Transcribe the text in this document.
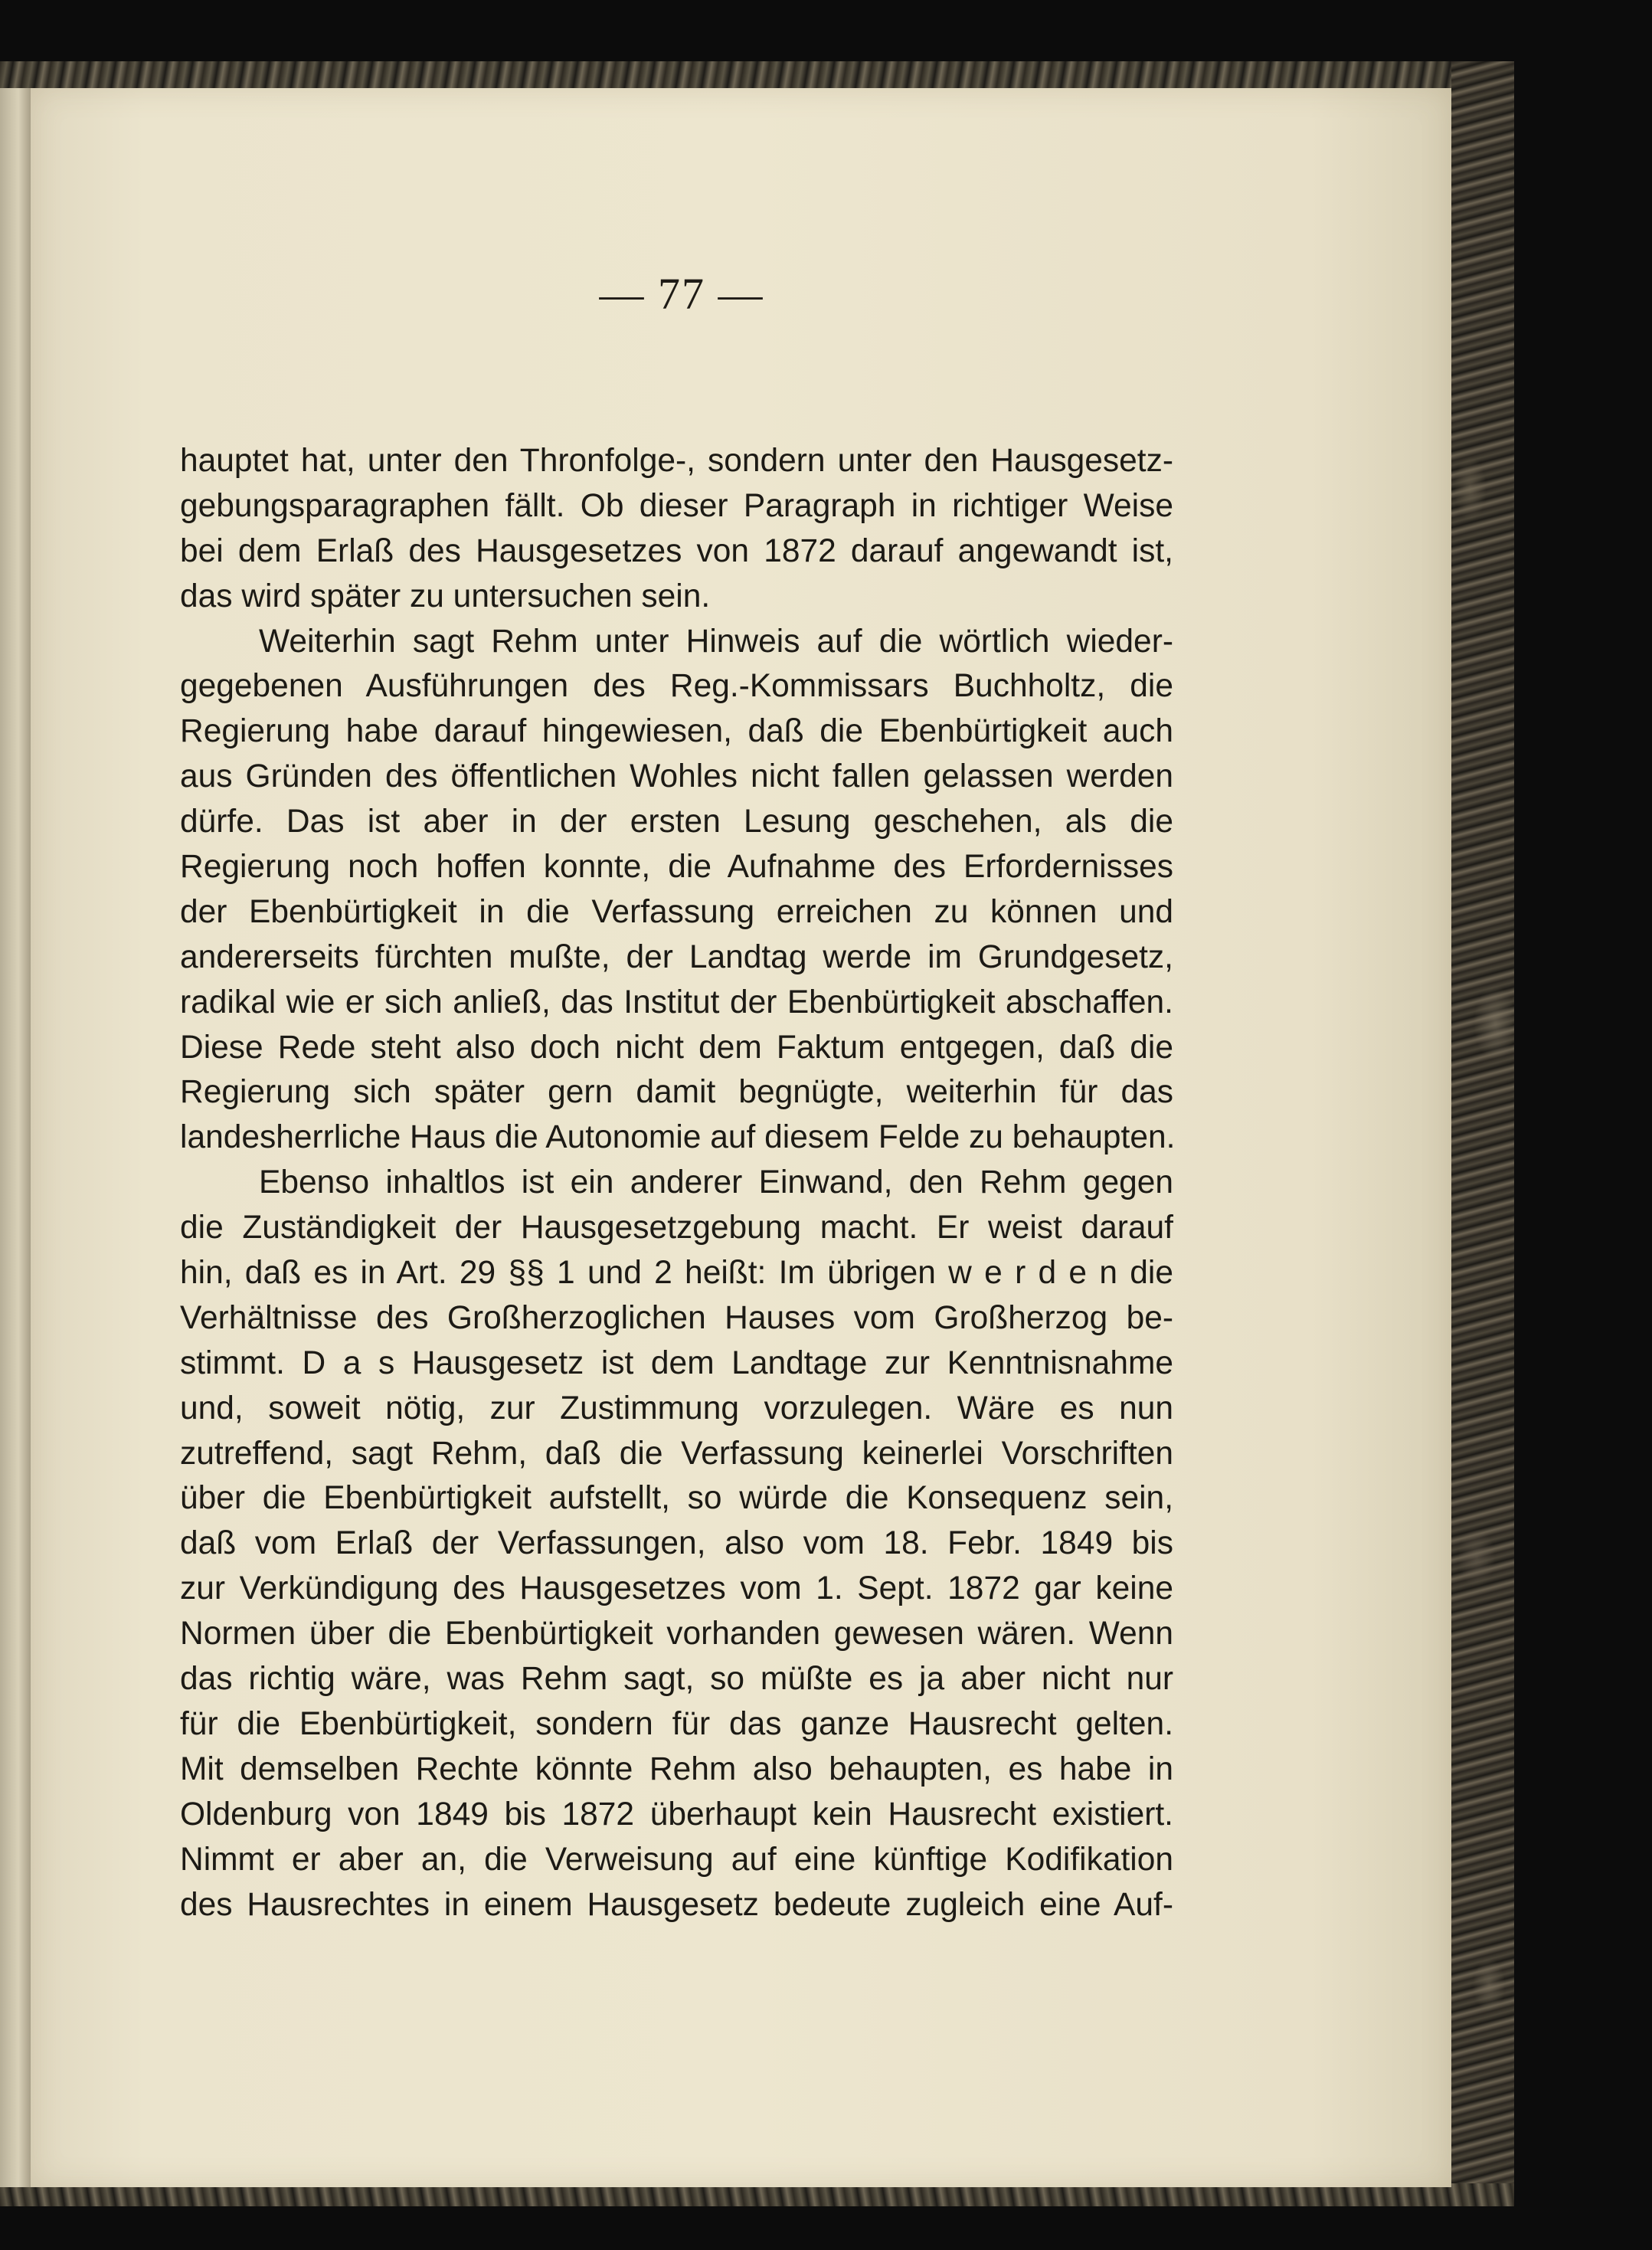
— 77 —
hauptet hat, unter den Thronfolge-, sondern unter den Hausgesetz-
gebungsparagraphen fällt. Ob dieser Paragraph in richtiger Weise
bei dem Erlaß des Hausgesetzes von 1872 darauf angewandt ist,
das wird später zu untersuchen sein.
Weiterhin sagt Rehm unter Hinweis auf die wörtlich wieder-
gegebenen Ausführungen des Reg.-Kommissars Buchholtz, die
Regierung habe darauf hingewiesen, daß die Ebenbürtigkeit auch
aus Gründen des öffentlichen Wohles nicht fallen gelassen werden
dürfe. Das ist aber in der ersten Lesung geschehen, als die
Regierung noch hoffen konnte, die Aufnahme des Erfordernisses
der Ebenbürtigkeit in die Verfassung erreichen zu können und
andererseits fürchten mußte, der Landtag werde im Grundgesetz,
radikal wie er sich anließ, das Institut der Ebenbürtigkeit abschaffen.
Diese Rede steht also doch nicht dem Faktum entgegen, daß die
Regierung sich später gern damit begnügte, weiterhin für das
landesherrliche Haus die Autonomie auf diesem Felde zu behaupten.
Ebenso inhaltlos ist ein anderer Einwand, den Rehm gegen
die Zuständigkeit der Hausgesetzgebung macht. Er weist darauf
hin, daß es in Art. 29 §§ 1 und 2 heißt: Im übrigen w e r d e n die
Verhältnisse des Großherzoglichen Hauses vom Großherzog be-
stimmt. D a s Hausgesetz ist dem Landtage zur Kenntnisnahme
und, soweit nötig, zur Zustimmung vorzulegen. Wäre es nun
zutreffend, sagt Rehm, daß die Verfassung keinerlei Vorschriften
über die Ebenbürtigkeit aufstellt, so würde die Konsequenz sein,
daß vom Erlaß der Verfassungen, also vom 18. Febr. 1849 bis
zur Verkündigung des Hausgesetzes vom 1. Sept. 1872 gar keine
Normen über die Ebenbürtigkeit vorhanden gewesen wären. Wenn
das richtig wäre, was Rehm sagt, so müßte es ja aber nicht nur
für die Ebenbürtigkeit, sondern für das ganze Hausrecht gelten.
Mit demselben Rechte könnte Rehm also behaupten, es habe in
Oldenburg von 1849 bis 1872 überhaupt kein Hausrecht existiert.
Nimmt er aber an, die Verweisung auf eine künftige Kodifikation
des Hausrechtes in einem Hausgesetz bedeute zugleich eine Auf-
